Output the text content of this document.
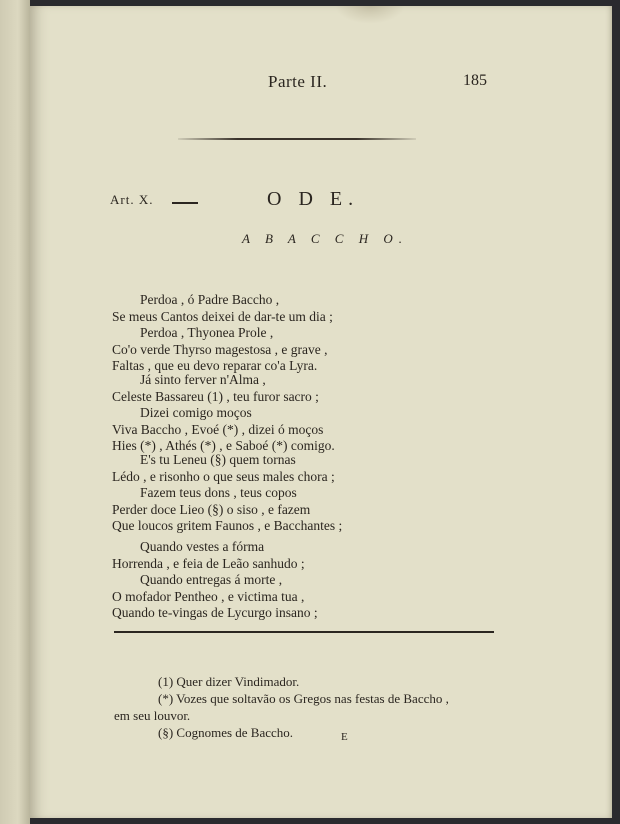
Parte II.	185
Art. X.	O D E.
A B A C C H O.
Perdoa , ó Padre Baccho ,
Se meus Cantos deixei de dar-te um dia ;
Perdoa , Thyonea Prole ,
Co'o verde Thyrso magestosa , e grave ,
Faltas , que eu devo reparar co'a Lyra.
Já sinto ferver n'Alma ,
Celeste Bassareu (1) , teu furor sacro ;
Dizei comigo moços
Viva Baccho , Evoé (*) , dizei ó moços
Hies (*) , Athés (*) , e Saboé (*) comigo.
E's tu Leneu (§) quem tornas
Lédo , e risonho o que seus males chora ;
Fazem teus dons , teus copos
Perder doce Lieo (§) o siso , e fazem
Que loucos gritem Faunos , e Bacchantes ;
Quando vestes a fórma
Horrenda , e feia de Leão sanhudo ;
Quando entregas á morte ,
O mofador Pentheo , e victima tua ,
Quando te-vingas de Lycurgo insano ;
(1) Quer dizer Vindimador.
(*) Vozes que soltavão os Gregos nas festas de Baccho ,
em seu louvor.
(§) Cognomes de Baccho.	E
